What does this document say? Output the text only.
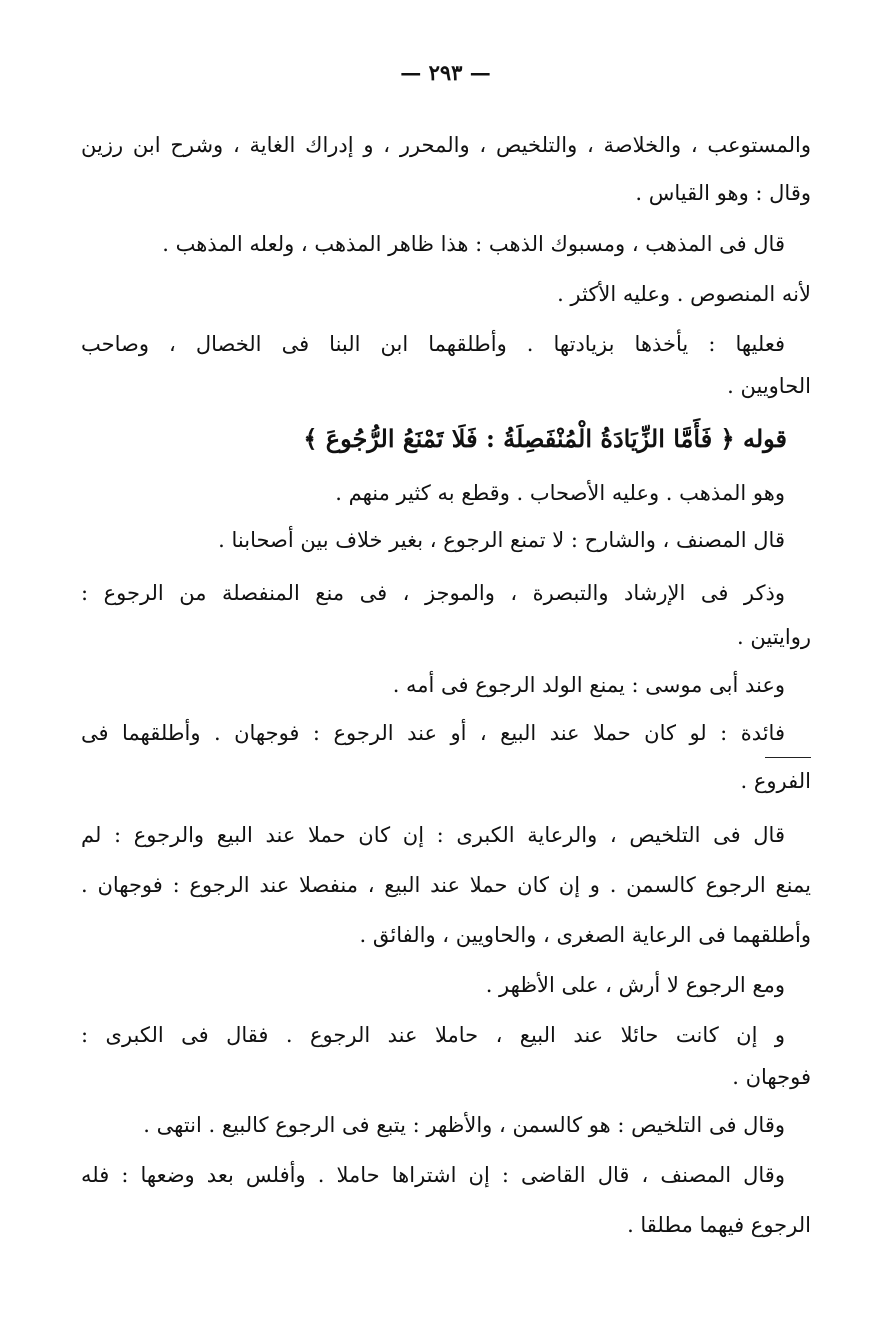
— ٢٩٣ —
والمستوعب ، والخلاصة ، والتلخيص ، والمحرر ، و إدراك الغاية ، وشرح ابن رزين
وقال : وهو القياس .
قال فى المذهب ، ومسبوك الذهب : هذا ظاهر المذهب ، ولعله المذهب .
لأنه المنصوص . وعليه الأكثر .
فعليها : يأخذها بزيادتها . وأطلقهما ابن البنا فى الخصال ، وصاحب
الحاويين .
قوله ﴿ فَأَمَّا الزِّيَادَةُ الْمُنْفَصِلَةُ : فَلَا تَمْنَعُ الرُّجُوعَ ﴾
وهو المذهب . وعليه الأصحاب . وقطع به كثير منهم .
قال المصنف ، والشارح : لا تمنع الرجوع ، بغير خلاف بين أصحابنا .
وذكر فى الإرشاد والتبصرة ، والموجز ، فى منع المنفصلة من الرجوع :
روايتين .
وعند أبى موسى : يمنع الولد الرجوع فى أمه .
فائدة : لو كان حملا عند البيع ، أو عند الرجوع : فوجهان . وأطلقهما فى
الفروع .
قال فى التلخيص ، والرعاية الكبرى : إن كان حملا عند البيع والرجوع : لم
يمنع الرجوع كالسمن . و إن كان حملا عند البيع ، منفصلا عند الرجوع : فوجهان .
وأطلقهما فى الرعاية الصغرى ، والحاويين ، والفائق .
ومع الرجوع لا أرش ، على الأظهر .
و إن كانت حائلا عند البيع ، حاملا عند الرجوع . فقال فى الكبرى :
فوجهان .
وقال فى التلخيص : هو كالسمن ، والأظهر : يتبع فى الرجوع كالبيع . انتهى .
وقال المصنف ، قال القاضى : إن اشتراها حاملا . وأفلس بعد وضعها : فله
الرجوع فيهما مطلقا .
